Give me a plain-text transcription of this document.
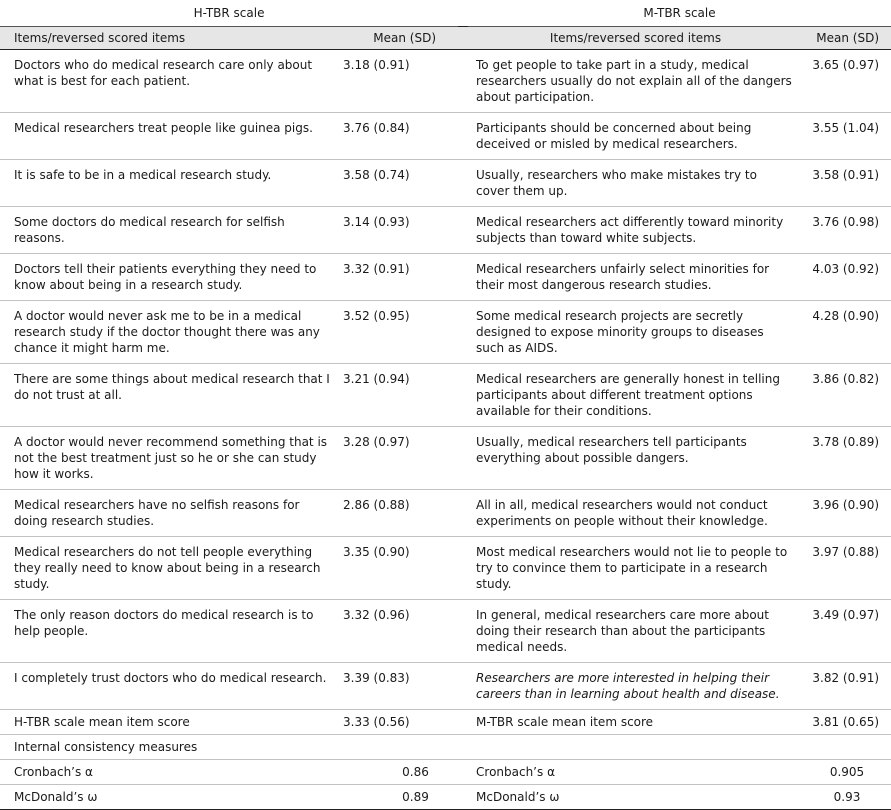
H-TBR scale			M-TBR scale	
Items/reversed scored items	Mean (SD)		Items/reversed scored items	Mean (SD)
Doctors who do medical research care only about what is best for each patient.	3.18 (0.91)		To get people to take part in a study, medical researchers usually do not explain all of the dangers about participation.	3.65 (0.97)
Medical researchers treat people like guinea pigs.	3.76 (0.84)		Participants should be concerned about being deceived or misled by medical researchers.	3.55 (1.04)
It is safe to be in a medical research study.	3.58 (0.74)		Usually, researchers who make mistakes try to cover them up.	3.58 (0.91)
Some doctors do medical research for selfish reasons.	3.14 (0.93)		Medical researchers act differently toward minority subjects than toward white subjects.	3.76 (0.98)
Doctors tell their patients everything they need to know about being in a research study.	3.32 (0.91)		Medical researchers unfairly select minorities for their most dangerous research studies.	4.03 (0.92)
A doctor would never ask me to be in a medical research study if the doctor thought there was any chance it might harm me.	3.52 (0.95)		Some medical research projects are secretly designed to expose minority groups to diseases such as AIDS.	4.28 (0.90)
There are some things about medical research that I do not trust at all.	3.21 (0.94)		Medical researchers are generally honest in telling participants about different treatment options available for their conditions.	3.86 (0.82)
A doctor would never recommend something that is not the best treatment just so he or she can study how it works.	3.28 (0.97)		Usually, medical researchers tell participants everything about possible dangers.	3.78 (0.89)
Medical researchers have no selfish reasons for doing research studies.	2.86 (0.88)		All in all, medical researchers would not conduct experiments on people without their knowledge.	3.96 (0.90)
Medical researchers do not tell people everything they really need to know about being in a research study.	3.35 (0.90)		Most medical researchers would not lie to people to try to convince them to participate in a research study.	3.97 (0.88)
The only reason doctors do medical research is to help people.	3.32 (0.96)		In general, medical researchers care more about doing their research than about the participants medical needs.	3.49 (0.97)
I completely trust doctors who do medical research.	3.39 (0.83)		Researchers are more interested in helping their careers than in learning about health and disease.	3.82 (0.91)
H-TBR scale mean item score	3.33 (0.56)		M-TBR scale mean item score	3.81 (0.65)
Internal consistency measures				
Cronbach’s α	0.86		Cronbach’s α	0.905
McDonald’s ω	0.89		McDonald’s ω	0.93
